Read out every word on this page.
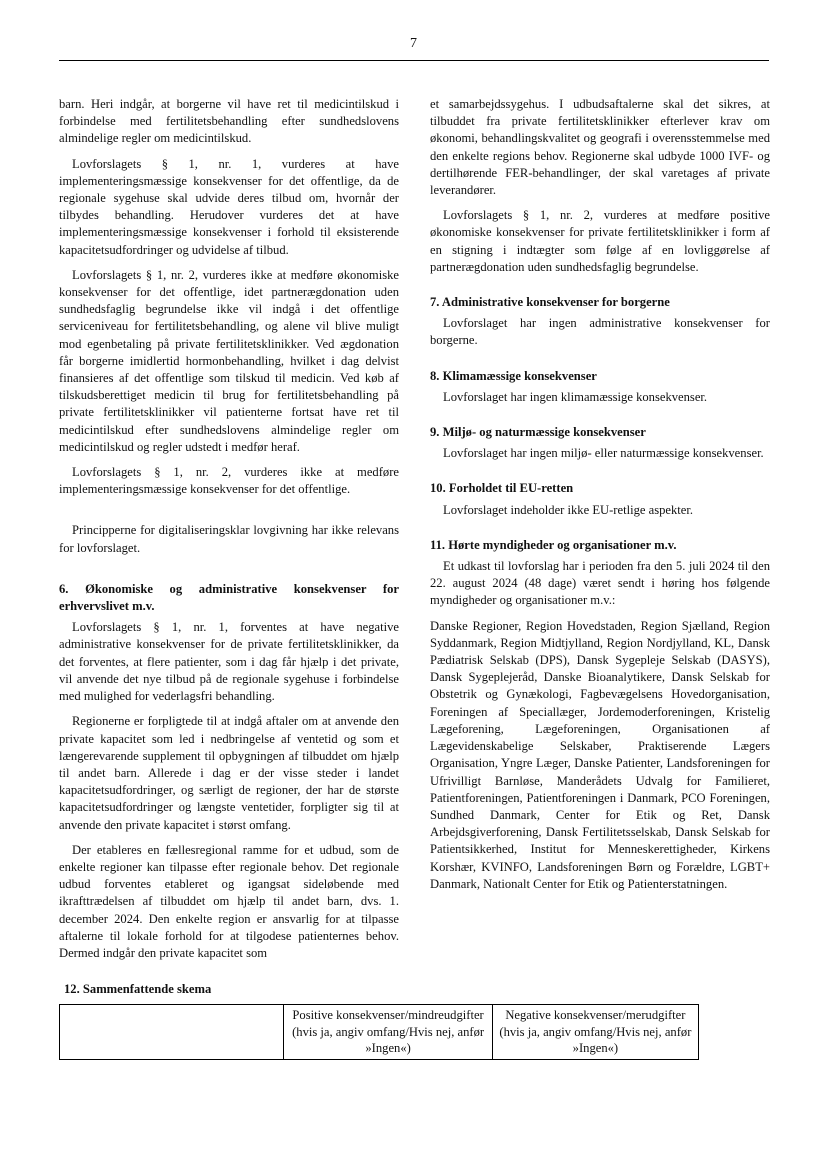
7

barn. Heri indgår, at borgerne vil have ret til medicintilskud i forbindelse med fertilitetsbehandling efter sundhedslovens almindelige regler om medicintilskud.

Lovforslagets § 1, nr. 1, vurderes at have implementeringsmæssige konsekvenser for det offentlige, da de regionale sygehuse skal udvide deres tilbud om, hvornår der tilbydes behandling. Herudover vurderes det at have implementeringsmæssige konsekvenser i forhold til eksisterende kapacitetsudfordringer og udvidelse af tilbud.

Lovforslagets § 1, nr. 2, vurderes ikke at medføre økonomiske konsekvenser for det offentlige, idet partnerægdonation uden sundhedsfaglig begrundelse ikke vil indgå i det offentlige serviceniveau for fertilitetsbehandling, og alene vil blive muligt mod egenbetaling på private fertilitetsklinikker. Ved ægdonation får borgerne imidlertid hormonbehandling, hvilket i dag delvist finansieres af det offentlige som tilskud til medicin. Ved køb af tilskudsberettiget medicin til brug for fertilitetsbehandling på private fertilitetsklinikker vil patienterne fortsat have ret til medicintilskud efter sundhedslovens almindelige regler om medicintilskud og regler udstedt i medfør heraf.

Lovforslagets § 1, nr. 2, vurderes ikke at medføre implementeringsmæssige konsekvenser for det offentlige.

Principperne for digitaliseringsklar lovgivning har ikke relevans for lovforslaget.

6. Økonomiske og administrative konsekvenser for erhvervslivet m.v.

Lovforslagets § 1, nr. 1, forventes at have negative administrative konsekvenser for de private fertilitetsklinikker, da det forventes, at flere patienter, som i dag får hjælp i det private, vil anvende det nye tilbud på de regionale sygehuse i forbindelse med mulighed for vederlagsfri behandling.

Regionerne er forpligtede til at indgå aftaler om at anvende den private kapacitet som led i nedbringelse af ventetid og som et længerevarende supplement til opbygningen af tilbuddet om hjælp til andet barn. Allerede i dag er der visse steder i landet kapacitetsudfordringer, og særligt de regioner, der har de største kapacitetsudfordringer og længste ventetider, forpligter sig til at anvende den private kapacitet i størst omfang.

Der etableres en fællesregional ramme for et udbud, som de enkelte regioner kan tilpasse efter regionale behov. Det regionale udbud forventes etableret og igangsat sideløbende med ikrafttrædelsen af tilbuddet om hjælp til andet barn, dvs. 1. december 2024. Den enkelte region er ansvarlig for at tilpasse aftalerne til lokale forhold for at tilgodese patienternes behov. Dermed indgår den private kapacitet som

et samarbejdssygehus. I udbudsaftalerne skal det sikres, at tilbuddet fra private fertilitetsklinikker efterlever krav om økonomi, behandlingskvalitet og geografi i overensstemmelse med den enkelte regions behov. Regionerne skal udbyde 1000 IVF- og dertilhørende FER-behandlinger, der skal varetages af private leverandører.

Lovforslagets § 1, nr. 2, vurderes at medføre positive økonomiske konsekvenser for private fertilitetsklinikker i form af en stigning i indtægter som følge af en lovliggørelse af partnerægdonation uden sundhedsfaglig begrundelse.

7. Administrative konsekvenser for borgerne

Lovforslaget har ingen administrative konsekvenser for borgerne.

8. Klimamæssige konsekvenser

Lovforslaget har ingen klimamæssige konsekvenser.

9. Miljø- og naturmæssige konsekvenser

Lovforslaget har ingen miljø- eller naturmæssige konsekvenser.

10. Forholdet til EU-retten

Lovforslaget indeholder ikke EU-retlige aspekter.

11. Hørte myndigheder og organisationer m.v.

Et udkast til lovforslag har i perioden fra den 5. juli 2024 til den 22. august 2024 (48 dage) været sendt i høring hos følgende myndigheder og organisationer m.v.:

Danske Regioner, Region Hovedstaden, Region Sjælland, Region Syddanmark, Region Midtjylland, Region Nordjylland, KL, Dansk Pædiatrisk Selskab (DPS), Dansk Sygepleje Selskab (DASYS), Dansk Sygeplejeråd, Danske Bioanalytikere, Dansk Selskab for Obstetrik og Gynækologi, Fagbevægelsens Hovedorganisation, Foreningen af Speciallæger, Jordemoderforeningen, Kristelig Lægeforening, Lægeforeningen, Organisationen af Lægevidenskabelige Selskaber, Praktiserende Lægers Organisation, Yngre Læger, Danske Patienter, Landsforeningen for Ufrivilligt Barnløse, Manderådets Udvalg for Familieret, Patientforeningen, Patientforeningen i Danmark, PCO Foreningen, Sundhed Danmark, Center for Etik og Ret, Dansk Arbejdsgiverforening, Dansk Fertilitetsselskab, Dansk Selskab for Patientsikkerhed, Institut for Menneskerettigheder, Kirkens Korshær, KVINFO, Landsforeningen Børn og Forældre, LGBT+ Danmark, Nationalt Center for Etik og Patienterstatningen.

12. Sammenfattende skema
	Positive konsekvenser/mindreudgifter (hvis ja, angiv omfang/Hvis nej, anfør »Ingen«)	Negative konsekvenser/merudgifter (hvis ja, angiv omfang/Hvis nej, anfør »Ingen«)
